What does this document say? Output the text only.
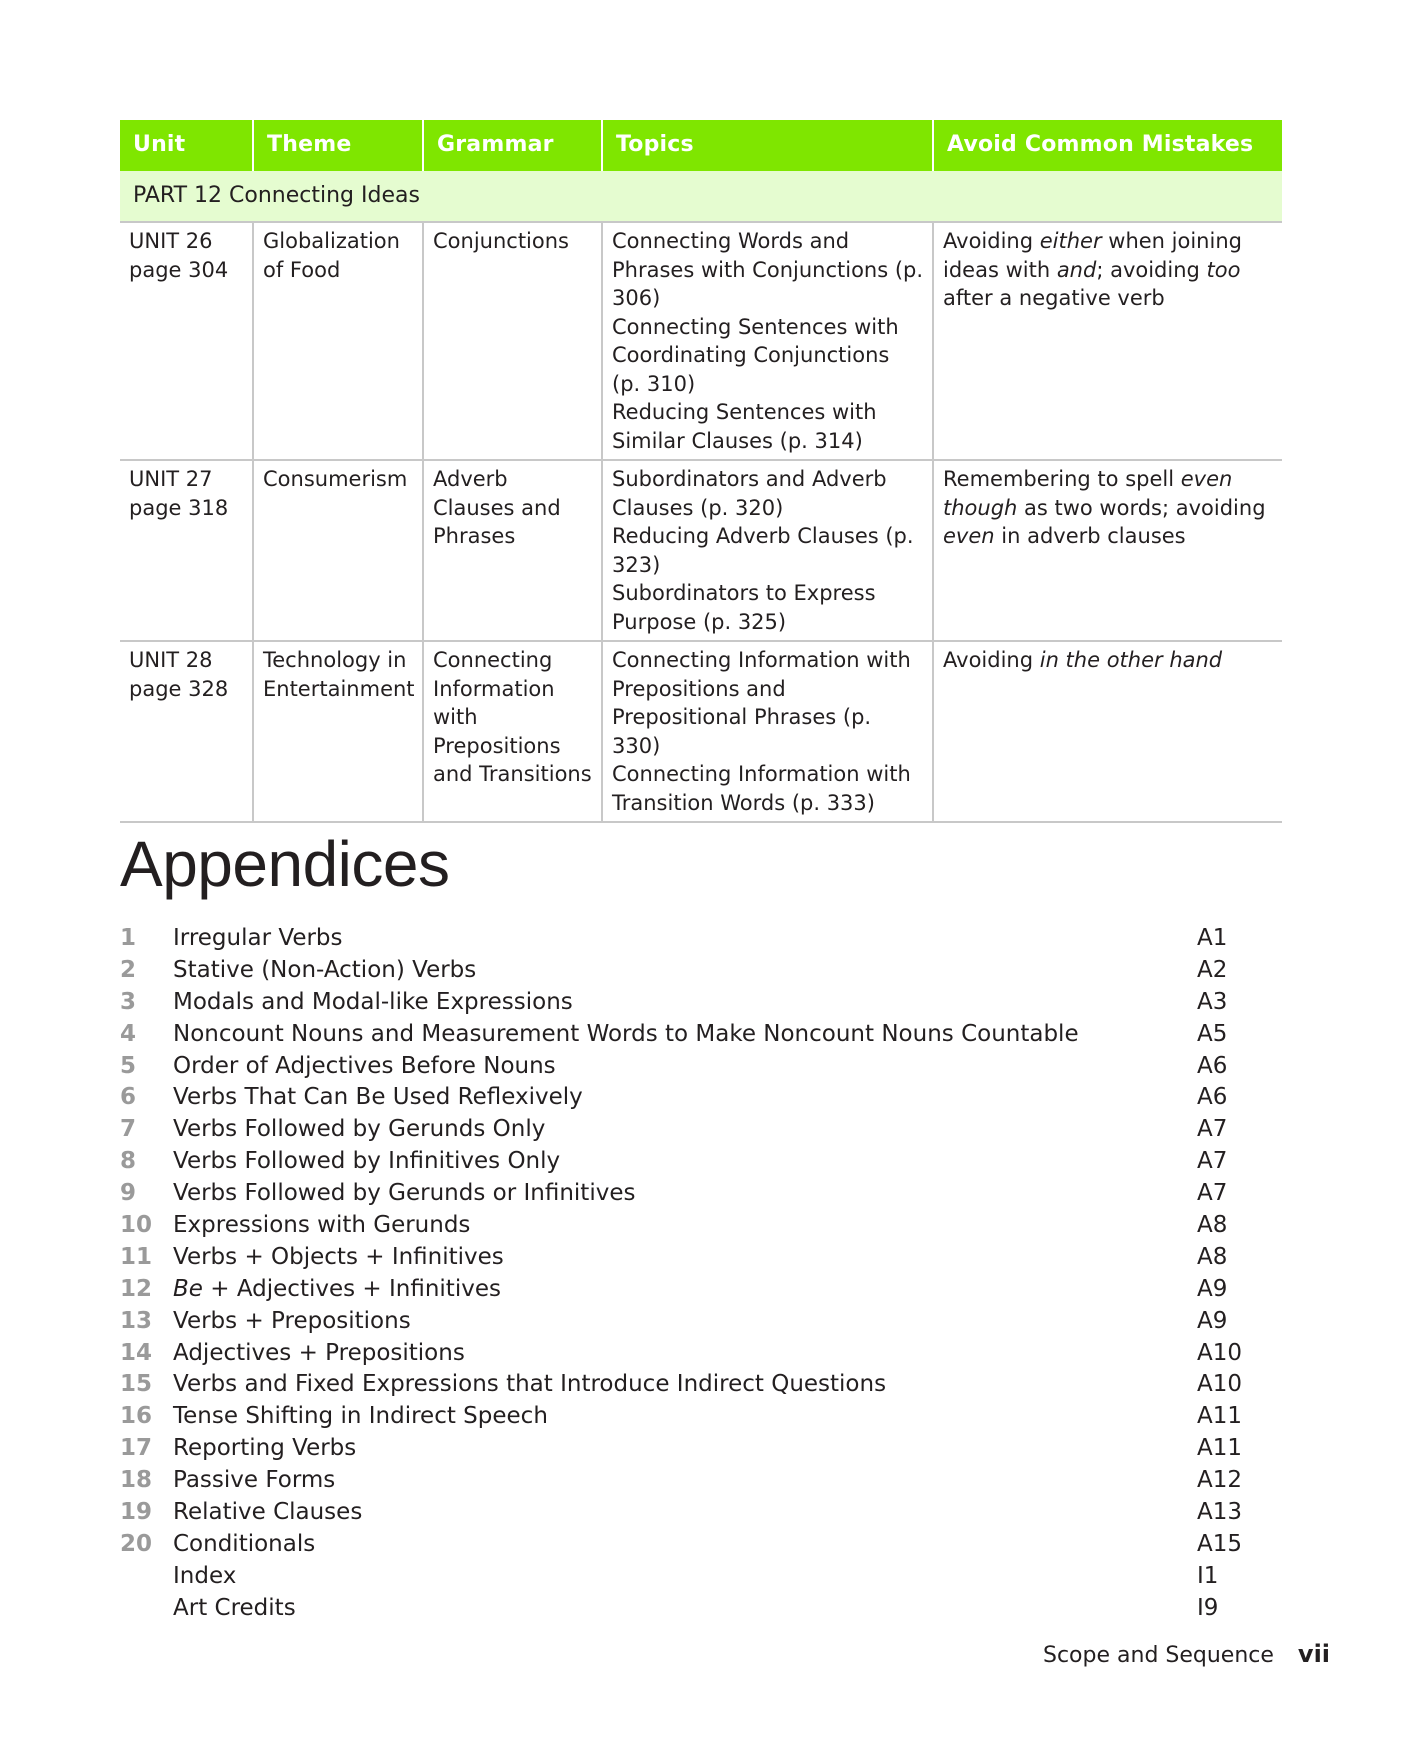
Unit	Theme	Grammar	Topics	Avoid Common Mistakes
PART 12 Connecting Ideas				

UNIT 26
page 304	Globalization of Food	Conjunctions	Connecting Words and Phrases with Conjunctions (p. 306)
Connecting Sentences with Coordinating Conjunctions (p. 310)
Reducing Sentences with Similar Clauses (p. 314)	Avoiding either when joining ideas with and; avoiding too after a negative verb

UNIT 27
page 318	Consumerism	Adverb Clauses and Phrases	Subordinators and Adverb Clauses (p. 320)
Reducing Adverb Clauses (p. 323)
Subordinators to Express Purpose (p. 325)	Remembering to spell even though as two words; avoiding even in adverb clauses

UNIT 28
page 328	Technology in Entertainment	Connecting Information with Prepositions and Transitions	Connecting Information with Prepositions and Prepositional Phrases (p. 330)
Connecting Information with Transition Words (p. 333)	Avoiding in the other hand
Appendices
1	Irregular Verbs	A1
2	Stative (Non-Action) Verbs	A2
3	Modals and Modal-like Expressions	A3
4	Noncount Nouns and Measurement Words to Make Noncount Nouns Countable	A5
5	Order of Adjectives Before Nouns	A6
6	Verbs That Can Be Used Reflexively	A6
7	Verbs Followed by Gerunds Only	A7
8	Verbs Followed by Infinitives Only	A7
9	Verbs Followed by Gerunds or Infinitives	A7
10 Expressions with Gerunds	A8
11 Verbs + Objects + Infinitives	A8
12 Be + Adjectives + Infinitives	A9
13 Verbs + Prepositions	A9
14 Adjectives + Prepositions	A10
15 Verbs and Fixed Expressions that Introduce Indirect Questions	A10
16 Tense Shifting in Indirect Speech	A11
17 Reporting Verbs	A11
18 Passive Forms	A12
19 Relative Clauses	A13
20 Conditionals	A15
Index	I1
Art Credits	I9
Scope and Sequence vii
